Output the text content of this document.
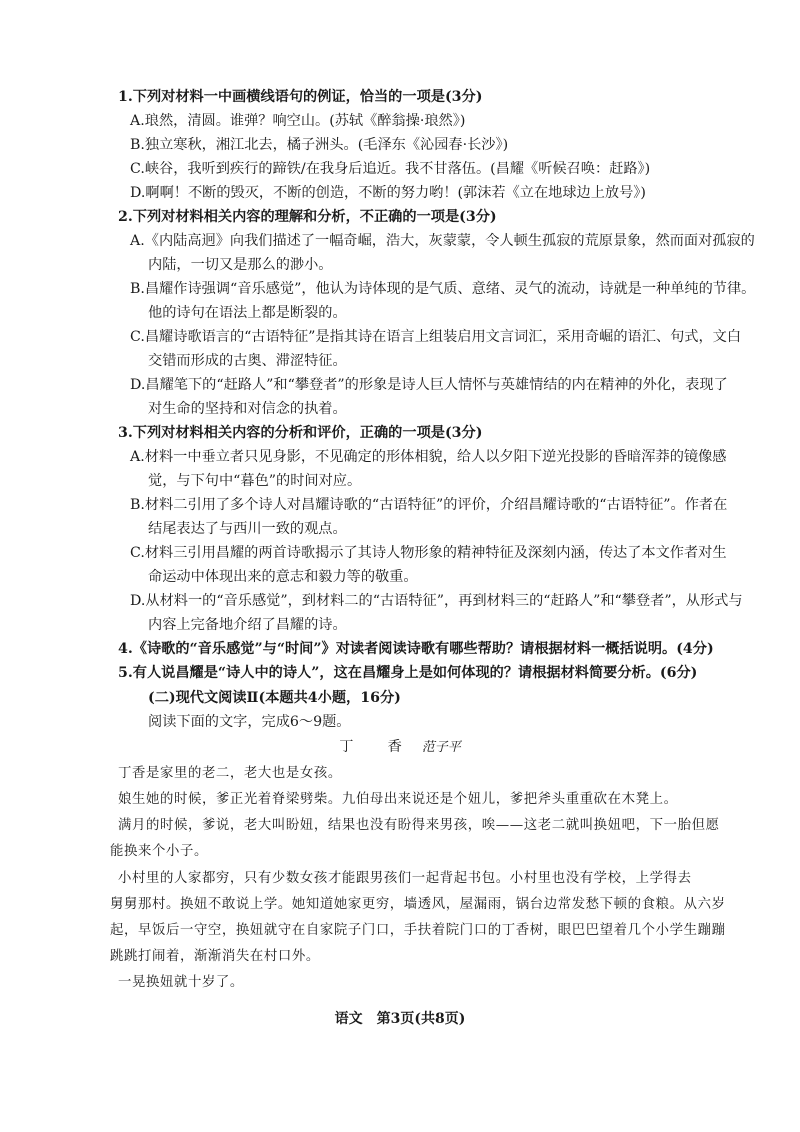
1.下列对材料一中画横线语句的例证，恰当的一项是(3分)
A.琅然，清圆。谁弹？响空山。(苏轼《醉翁操·琅然》)
B.独立寒秋，湘江北去，橘子洲头。(毛泽东《沁园春·长沙》)
C.峡谷，我听到疾行的蹄铁/在我身后追近。我不甘落伍。(昌耀《听候召唤：赶路》)
D.啊啊！不断的毁灭，不断的创造，不断的努力哟！(郭沫若《立在地球边上放号》)
2.下列对材料相关内容的理解和分析，不正确的一项是(3分)
A.《内陆高迥》向我们描述了一幅奇崛，浩大，灰蒙蒙，令人顿生孤寂的荒原景象，然而面对孤寂的
内陆，一切又是那么的渺小。
B.昌耀作诗强调“音乐感觉”，他认为诗体现的是气质、意绪、灵气的流动，诗就是一种单纯的节律。
他的诗句在语法上都是断裂的。
C.昌耀诗歌语言的“古语特征”是指其诗在语言上组装启用文言词汇，采用奇崛的语汇、句式，文白
交错而形成的古奥、滞涩特征。
D.昌耀笔下的“赶路人”和“攀登者”的形象是诗人巨人情怀与英雄情结的内在精神的外化，表现了
对生命的坚持和对信念的执着。
3.下列对材料相关内容的分析和评价，正确的一项是(3分)
A.材料一中垂立者只见身影，不见确定的形体相貌，给人以夕阳下逆光投影的昏暗浑莽的镜像感
觉，与下句中“暮色”的时间对应。
B.材料二引用了多个诗人对昌耀诗歌的“古语特征”的评价，介绍昌耀诗歌的“古语特征”。作者在
结尾表达了与西川一致的观点。
C.材料三引用昌耀的两首诗歌揭示了其诗人物形象的精神特征及深刻内涵，传达了本文作者对生
命运动中体现出来的意志和毅力等的敬重。
D.从材料一的“音乐感觉”，到材料二的“古语特征”，再到材料三的“赶路人”和“攀登者”，从形式与
内容上完备地介绍了昌耀的诗。
4.《诗歌的“音乐感觉”与“时间”》对读者阅读诗歌有哪些帮助？请根据材料一概括说明。(4分)
5.有人说昌耀是“诗人中的诗人”，这在昌耀身上是如何体现的？请根据材料简要分析。(6分)
(二)现代文阅读Ⅱ(本题共4小题，16分)
阅读下面的文字，完成6～9题。
丁　香 范子平
丁香是家里的老二，老大也是女孩。
娘生她的时候，爹正光着脊梁劈柴。九伯母出来说还是个妞儿，爹把斧头重重砍在木凳上。
满月的时候，爹说，老大叫盼妞，结果也没有盼得来男孩，唉——这老二就叫换妞吧，下一胎但愿
能换来个小子。
小村里的人家都穷，只有少数女孩才能跟男孩们一起背起书包。小村里也没有学校，上学得去
舅舅那村。换妞不敢说上学。她知道她家更穷，墙透风，屋漏雨，锅台边常发愁下顿的食粮。从六岁
起，早饭后一守空，换妞就守在自家院子门口，手扶着院门口的丁香树，眼巴巴望着几个小学生蹦蹦
跳跳打闹着，渐渐消失在村口外。
一晃换妞就十岁了。
语文　第3页(共8页)
